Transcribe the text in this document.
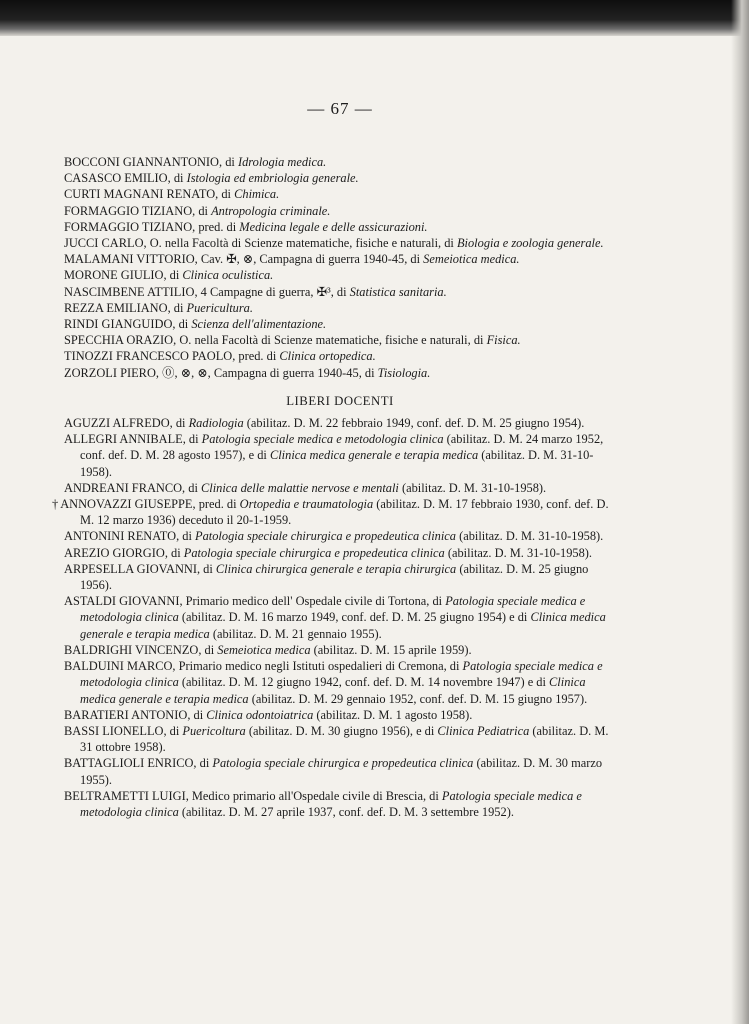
— 67 —

BOCCONI GIANNANTONIO, di Idrologia medica.

CASASCO EMILIO, di Istologia ed embriologia generale.

CURTI MAGNANI RENATO, di Chimica.

FORMAGGIO TIZIANO, di Antropologia criminale.

FORMAGGIO TIZIANO, pred. di Medicina legale e delle assicurazioni.

JUCCI CARLO, O. nella Facoltà di Scienze matematiche, fisiche e naturali, di Biologia e zoologia generale.

MALAMANI VITTORIO, Cav. ✠, ⊗, Campagna di guerra 1940-45, di Semeiotica medica.

MORONE GIULIO, di Clinica oculistica.

NASCIMBENE ATTILIO, 4 Campagne di guerra, ✠³, di Statistica sanitaria.

REZZA EMILIANO, di Puericultura.

RINDI GIANGUIDO, di Scienza dell'alimentazione.

SPECCHIA ORAZIO, O. nella Facoltà di Scienze matematiche, fisiche e naturali, di Fisica.

TINOZZI FRANCESCO PAOLO, pred. di Clinica ortopedica.

ZORZOLI PIERO, ⓪, ⊗, ⊗, Campagna di guerra 1940-45, di Tisiologia.

LIBERI DOCENTI

AGUZZI ALFREDO, di Radiologia (abilitaz. D. M. 22 febbraio 1949, conf. def. D. M. 25 giugno 1954).

ALLEGRI ANNIBALE, di Patologia speciale medica e metodologia clinica (abilitaz. D. M. 24 marzo 1952, conf. def. D. M. 28 agosto 1957), e di Clinica medica generale e terapia medica (abilitaz. D. M. 31-10-1958).

ANDREANI FRANCO, di Clinica delle malattie nervose e mentali (abilitaz. D. M. 31-10-1958).

† ANNOVAZZI GIUSEPPE, pred. di Ortopedia e traumatologia (abilitaz. D. M. 17 febbraio 1930, conf. def. D. M. 12 marzo 1936) deceduto il 20-1-1959.

ANTONINI RENATO, di Patologia speciale chirurgica e propedeutica clinica (abilitaz. D. M. 31-10-1958).

AREZIO GIORGIO, di Patologia speciale chirurgica e propedeutica clinica (abilitaz. D. M. 31-10-1958).

ARPESELLA GIOVANNI, di Clinica chirurgica generale e terapia chirurgica (abilitaz. D. M. 25 giugno 1956).

ASTALDI GIOVANNI, Primario medico dell' Ospedale civile di Tortona, di Patologia speciale medica e metodologia clinica (abilitaz. D. M. 16 marzo 1949, conf. def. D. M. 25 giugno 1954) e di Clinica medica generale e terapia medica (abilitaz. D. M. 21 gennaio 1955).

BALDRIGHI VINCENZO, di Semeiotica medica (abilitaz. D. M. 15 aprile 1959).

BALDUINI MARCO, Primario medico negli Istituti ospedalieri di Cremona, di Patologia speciale medica e metodologia clinica (abilitaz. D. M. 12 giugno 1942, conf. def. D. M. 14 novembre 1947) e di Clinica medica generale e terapia medica (abilitaz. D. M. 29 gennaio 1952, conf. def. D. M. 15 giugno 1957).

BARATIERI ANTONIO, di Clinica odontoiatrica (abilitaz. D. M. 1 agosto 1958).

BASSI LIONELLO, di Puericoltura (abilitaz. D. M. 30 giugno 1956), e di Clinica Pediatrica (abilitaz. D. M. 31 ottobre 1958).

BATTAGLIOLI ENRICO, di Patologia speciale chirurgica e propedeutica clinica (abilitaz. D. M. 30 marzo 1955).

BELTRAMETTI LUIGI, Medico primario all'Ospedale civile di Brescia, di Patologia speciale medica e metodologia clinica (abilitaz. D. M. 27 aprile 1937, conf. def. D. M. 3 settembre 1952).
